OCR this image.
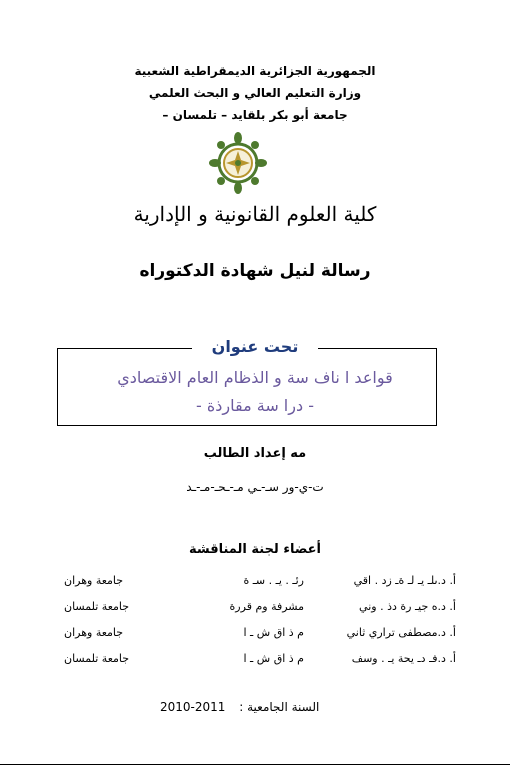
الجمهورية الجزائرية الديمقراطية الشعبية
وزارة التعليم العالي و البحث العلمي
جامعة أبو بكر بلقايد – تلمسان –
كلية العلوم القانونية و الإدارية
رسالة لنيل شهادة الدكتوراه
تحت عنوان
قواعد ا ناف سة و الذظام العام الاقتصادي
- درا سة مقارذة -
مه إعداد الطالب
ت-ي-ور سـ-ـي مـ-ـحـ-مـ-ـد
أعضاء لجنة المناقشة
أ. د.ىلـ يـ لـ ةـ زد . اقي
رئـ . يـ . سـ ة
جامعة وهران
أ. د.ه جيـ رة دذ . وني
مشرفة وم قررة
جامعة تلمسان
أ. د.مصطفى تراري ثاني
م ذ اق ش ـ ا
جامعة وهران
أ. د.فـ دـ يحة يـ . وسف
م ذ اق ش ـ ا
جامعة تلمسان
2010-2011 السنة الجامعية :
